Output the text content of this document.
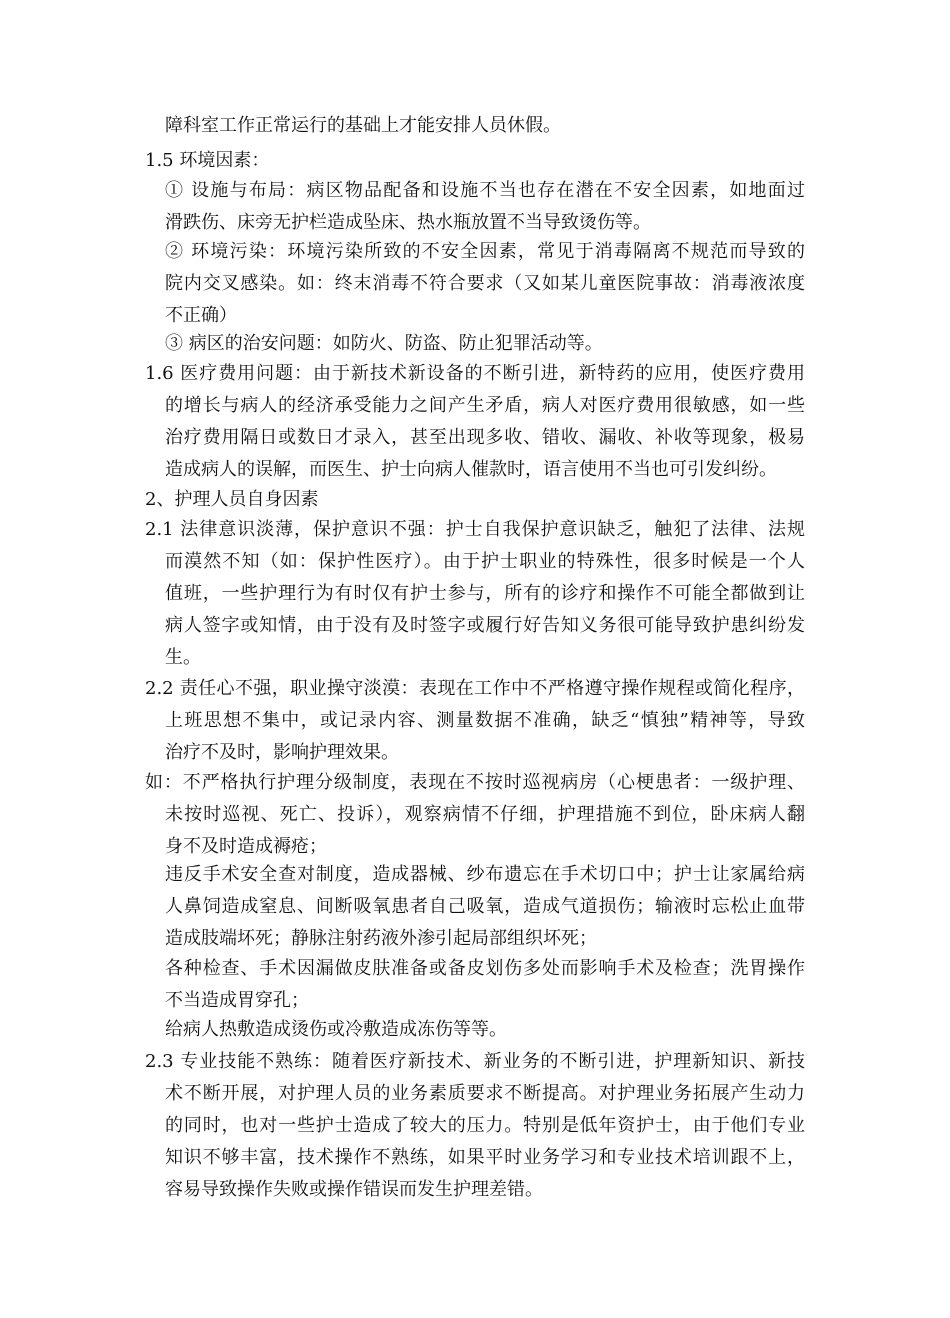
障科室工作正常运行的基础上才能安排人员休假。

1.5 环境因素：

① 设施与布局：病区物品配备和设施不当也存在潜在不安全因素，如地面过
滑跌伤、床旁无护栏造成坠床、热水瓶放置不当导致烫伤等。

② 环境污染：环境污染所致的不安全因素，常见于消毒隔离不规范而导致的
院内交叉感染。如：终末消毒不符合要求（又如某儿童医院事故：消毒液浓度
不正确）

③ 病区的治安问题：如防火、防盗、防止犯罪活动等。

1.6 医疗费用问题：由于新技术新设备的不断引进，新特药的应用，使医疗费用
的增长与病人的经济承受能力之间产生矛盾，病人对医疗费用很敏感，如一些
治疗费用隔日或数日才录入，甚至出现多收、错收、漏收、补收等现象，极易
造成病人的误解，而医生、护士向病人催款时，语言使用不当也可引发纠纷。

2、护理人员自身因素

2.1 法律意识淡薄，保护意识不强：护士自我保护意识缺乏，触犯了法律、法规
而漠然不知（如：保护性医疗）。由于护士职业的特殊性，很多时候是一个人
值班，一些护理行为有时仅有护士参与，所有的诊疗和操作不可能全都做到让
病人签字或知情，由于没有及时签字或履行好告知义务很可能导致护患纠纷发
生。

2.2 责任心不强，职业操守淡漠：表现在工作中不严格遵守操作规程或简化程序，
上班思想不集中，或记录内容、测量数据不准确，缺乏“慎独”精神等，导致
治疗不及时，影响护理效果。

如：不严格执行护理分级制度，表现在不按时巡视病房（心梗患者：一级护理、
未按时巡视、死亡、投诉），观察病情不仔细，护理措施不到位，卧床病人翻
身不及时造成褥疮；

违反手术安全查对制度，造成器械、纱布遗忘在手术切口中；护士让家属给病
人鼻饲造成窒息、间断吸氧患者自己吸氧，造成气道损伤；输液时忘松止血带
造成肢端坏死；静脉注射药液外渗引起局部组织坏死；

各种检查、手术因漏做皮肤准备或备皮划伤多处而影响手术及检查；洗胃操作
不当造成胃穿孔；

给病人热敷造成烫伤或冷敷造成冻伤等等。

2.3 专业技能不熟练：随着医疗新技术、新业务的不断引进，护理新知识、新技
术不断开展，对护理人员的业务素质要求不断提高。对护理业务拓展产生动力
的同时，也对一些护士造成了较大的压力。特别是低年资护士，由于他们专业
知识不够丰富，技术操作不熟练，如果平时业务学习和专业技术培训跟不上，
容易导致操作失败或操作错误而发生护理差错。
